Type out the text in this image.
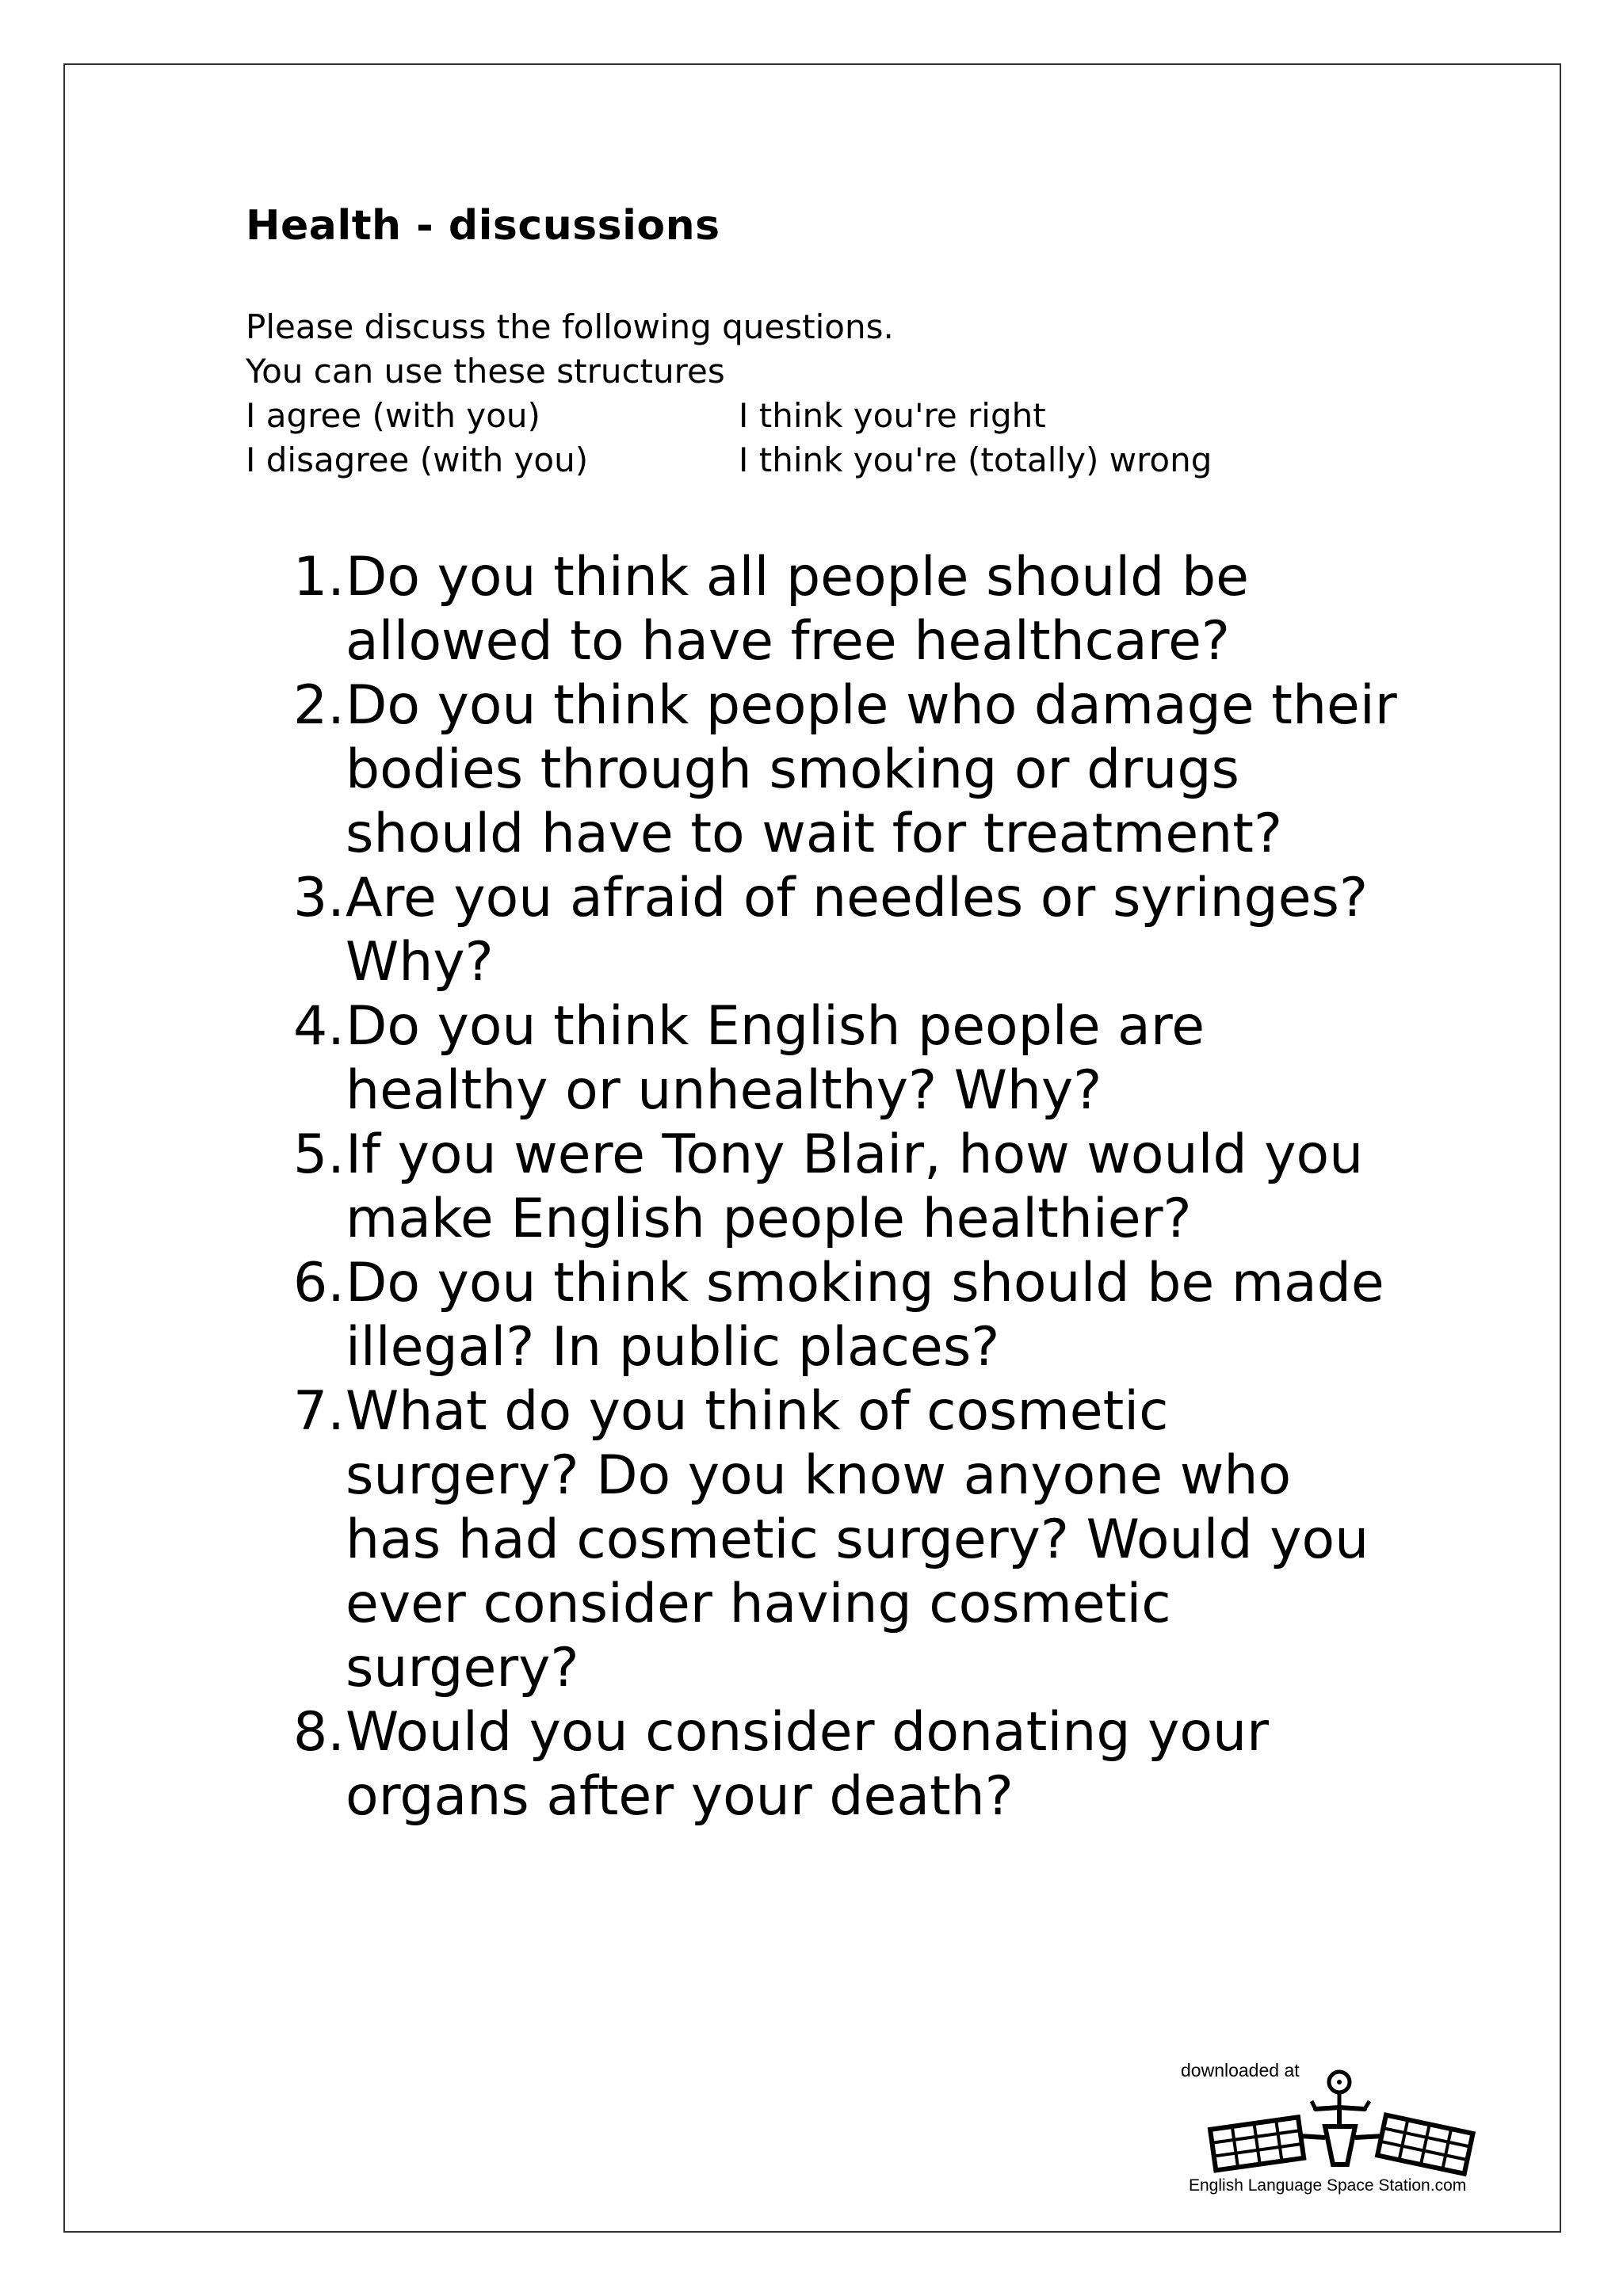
Health - discussions
Please discuss the following questions.
You can use these structures
I agree (with you)	I think you're right
I disagree (with you)	I think you're (totally) wrong
1. Do you think all people should be allowed to have free healthcare?
2. Do you think people who damage their bodies through smoking or drugs should have to wait for treatment?
3. Are you afraid of needles or syringes? Why?
4. Do you think English people are healthy or unhealthy? Why?
5. If you were Tony Blair, how would you make English people healthier?
6. Do you think smoking should be made illegal? In public places?
7. What do you think of cosmetic surgery? Do you know anyone who has had cosmetic surgery? Would you ever consider having cosmetic surgery?
8. Would you consider donating your organs after your death?
downloaded at
English Language Space Station.com
